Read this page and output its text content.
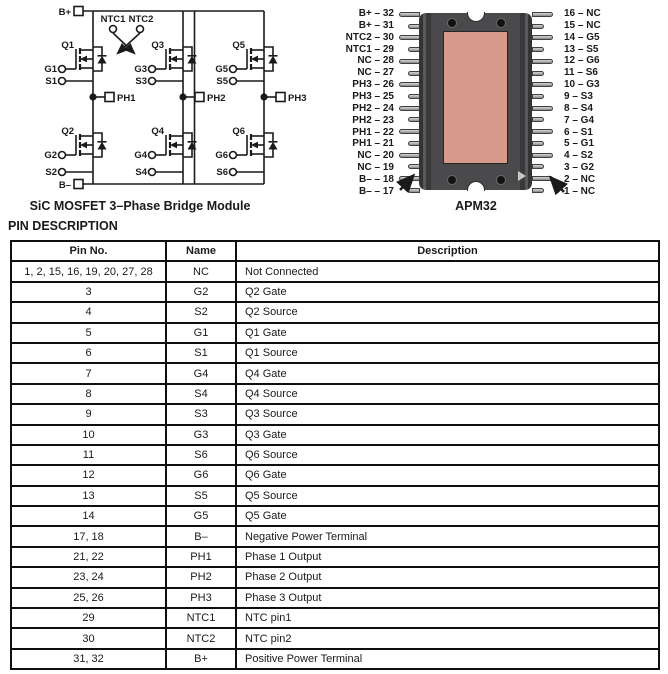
B+
B–
NTC1 NTC2
Q1	Q3	Q5
Q2	Q4	Q6
G1
S1
G3
S3
G5
S5
G2
S2
G4
S4
G6
S6
PH1	PH2	PH3
SiC MOSFET 3–Phase Bridge Module
B+ – 32
B+ – 31
NTC2 – 30
NTC1 – 29
NC – 28
NC – 27
PH3 – 26
PH3 – 25
PH2 – 24
PH2 – 23
PH1 – 22
PH1 – 21
NC – 20
NC – 19
B– – 18
B– – 17
16 – NC
15 – NC
14 – G5
13 – S5
12 – G6
11 – S6
10 – G3
9 – S3
8 – S4
7 – G4
6 – S1
5 – G1
4 – S2
3 – G2
2 – NC
1 – NC
APM32
PIN DESCRIPTION
Pin No.	Name	Description
1, 2, 15, 16, 19, 20, 27, 28	NC	Not Connected
3	G2	Q2 Gate
4	S2	Q2 Source
5	G1	Q1 Gate
6	S1	Q1 Source
7	G4	Q4 Gate
8	S4	Q4 Source
9	S3	Q3 Source
10	G3	Q3 Gate
11	S6	Q6 Source
12	G6	Q6 Gate
13	S5	Q5 Source
14	G5	Q5 Gate
17, 18	B–	Negative Power Terminal
21, 22	PH1	Phase 1 Output
23, 24	PH2	Phase 2 Output
25, 26	PH3	Phase 3 Output
29	NTC1	NTC pin1
30	NTC2	NTC pin2
31, 32	B+	Positive Power Terminal
